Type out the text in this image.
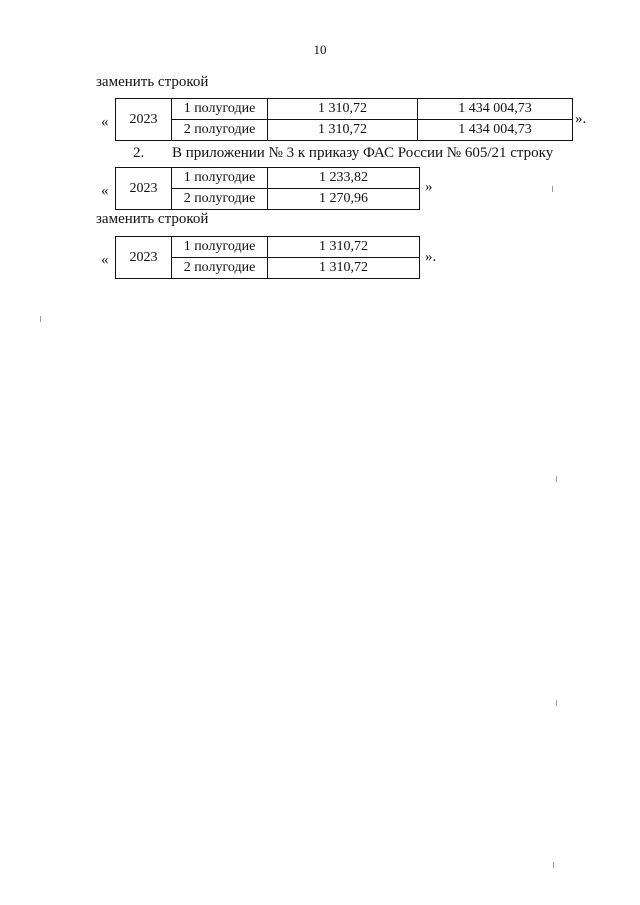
10
заменить строкой
« 2023	1 полугодие	1 310,72	1 434 004,73
	2 полугодие	1 310,72	1 434 004,73
».
2. В приложении № 3 к приказу ФАС России № 605/21 строку
« 2023	1 полугодие	1 233,82
	2 полугодие	1 270,96
»
заменить строкой
« 2023	1 полугодие	1 310,72
	2 полугодие	1 310,72
».
